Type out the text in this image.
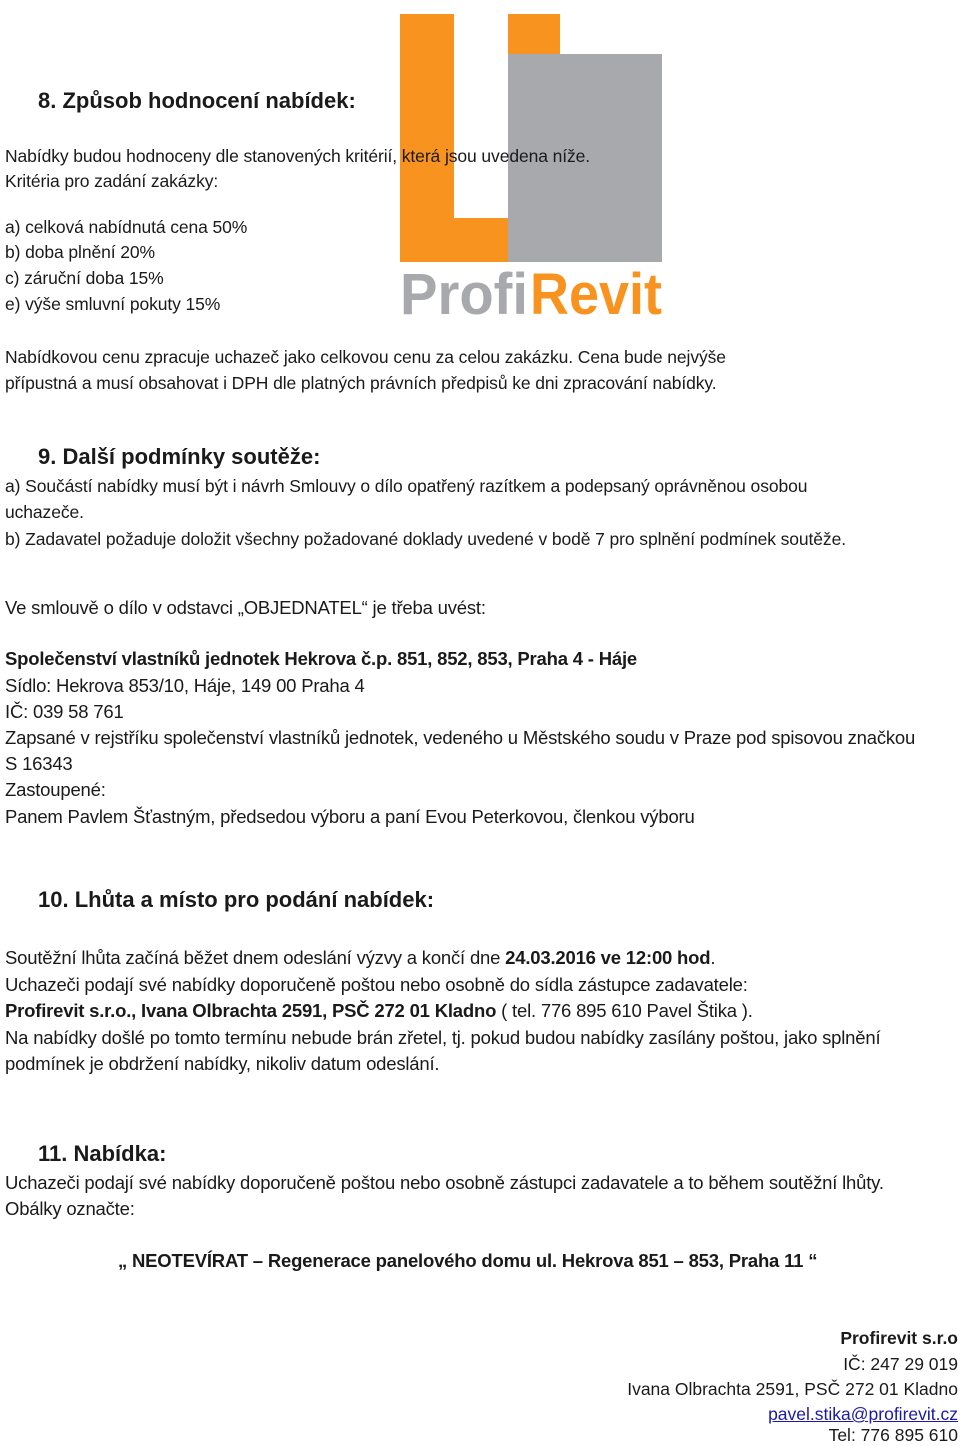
Profi Revit
8. Způsob hodnocení nabídek:
Nabídky budou hodnoceny dle stanovených kritérií, která jsou uvedena níže.
Kritéria pro zadání zakázky:
a) celková nabídnutá cena 50%
b) doba plnění 20%
c) záruční doba 15%
e) výše smluvní pokuty 15%
Nabídkovou cenu zpracuje uchazeč jako celkovou cenu za celou zakázku. Cena bude nejvýše
přípustná a musí obsahovat i DPH dle platných právních předpisů ke dni zpracování nabídky.
9. Další podmínky soutěže:
a) Součástí nabídky musí být i návrh Smlouvy o dílo opatřený razítkem a podepsaný oprávněnou osobou
uchazeče.
b) Zadavatel požaduje doložit všechny požadované doklady uvedené v bodě 7 pro splnění podmínek soutěže.
Ve smlouvě o dílo v odstavci „OBJEDNATEL“ je třeba uvést:
Společenství vlastníků jednotek Hekrova č.p. 851, 852, 853, Praha 4 - Háje
Sídlo: Hekrova 853/10, Háje, 149 00 Praha 4
IČ: 039 58 761
Zapsané v rejstříku společenství vlastníků jednotek, vedeného u Městského soudu v Praze pod spisovou značkou
S 16343
Zastoupené:
Panem Pavlem Šťastným, předsedou výboru a paní Evou Peterkovou, členkou výboru
10. Lhůta a místo pro podání nabídek:
Soutěžní lhůta začíná běžet dnem odeslání výzvy a končí dne 24.03.2016 ve 12:00 hod.
Uchazeči podají své nabídky doporučeně poštou nebo osobně do sídla zástupce zadavatele:
Profirevit s.r.o., Ivana Olbrachta 2591, PSČ 272 01 Kladno ( tel. 776 895 610 Pavel Štika ).
Na nabídky došlé po tomto termínu nebude brán zřetel, tj. pokud budou nabídky zasílány poštou, jako splnění
podmínek je obdržení nabídky, nikoliv datum odeslání.
11. Nabídka:
Uchazeči podají své nabídky doporučeně poštou nebo osobně zástupci zadavatele a to během soutěžní lhůty.
Obálky označte:
„ NEOTEVÍRAT – Regenerace panelového domu ul. Hekrova 851 – 853, Praha 11 “
Profirevit s.r.o
IČ: 247 29 019
Ivana Olbrachta 2591, PSČ 272 01 Kladno
pavel.stika@profirevit.cz
Tel: 776 895 610
